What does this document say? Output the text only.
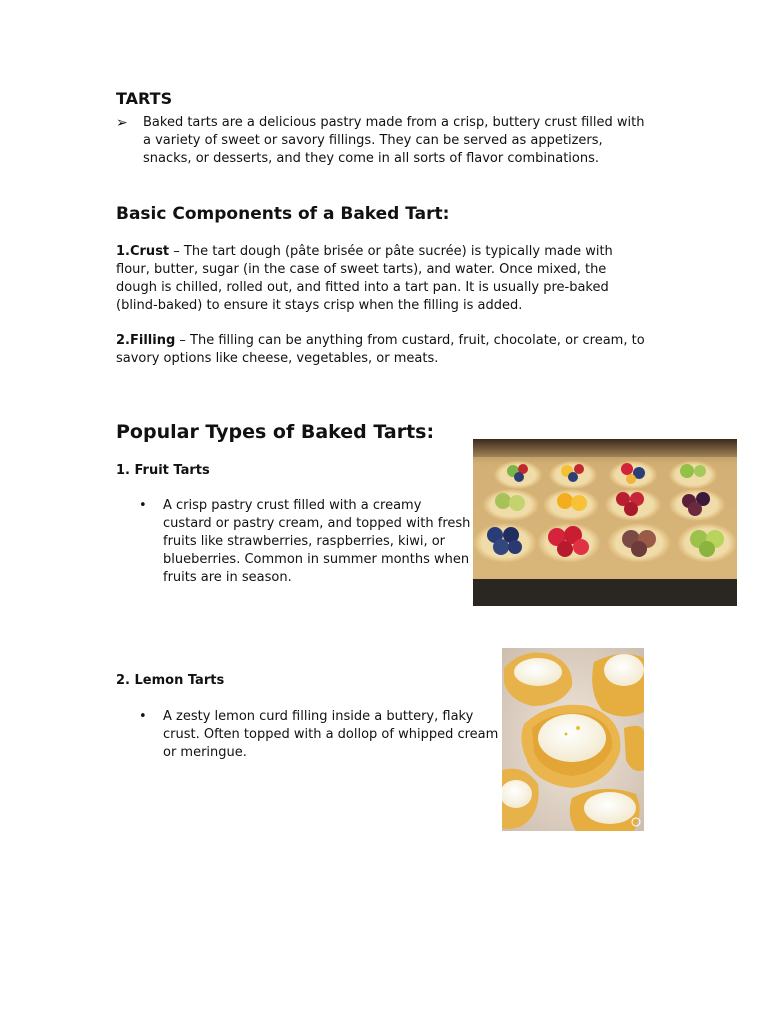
TARTS
➢ Baked tarts are a delicious pastry made from a crisp, buttery crust filled with a variety of sweet or savory fillings. They can be served as appetizers, snacks, or desserts, and they come in all sorts of flavor combinations.
Basic Components of a Baked Tart:
1.Crust – The tart dough (pâte brisée or pâte sucrée) is typically made with flour, butter, sugar (in the case of sweet tarts), and water. Once mixed, the dough is chilled, rolled out, and fitted into a tart pan. It is usually pre-baked (blind-baked) to ensure it stays crisp when the filling is added.
2.Filling – The filling can be anything from custard, fruit, chocolate, or cream, to savory options like cheese, vegetables, or meats.
Popular Types of Baked Tarts:
1. Fruit Tarts
• A crisp pastry crust filled with a creamy custard or pastry cream, and topped with fresh fruits like strawberries, raspberries, kiwi, or blueberries. Common in summer months when fruits are in season.
2. Lemon Tarts
• A zesty lemon curd filling inside a buttery, flaky crust. Often topped with a dollop of whipped cream or meringue.
